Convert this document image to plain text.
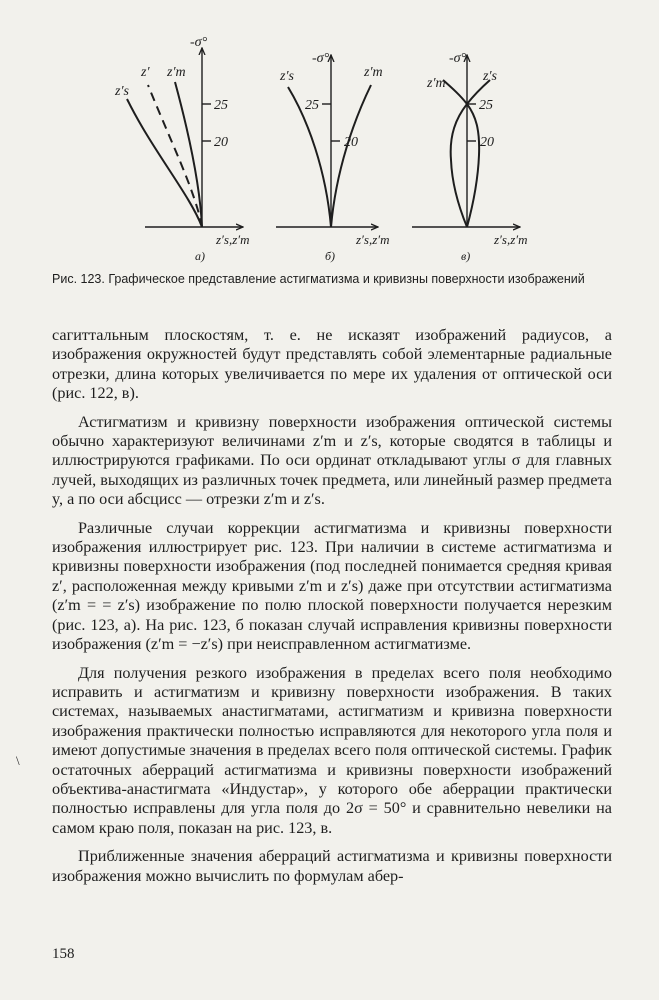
-σ°
25
20
z′s
z′ z′m
z′s,z′m
а)
-σ°
25
20
z′s	z′m
z′s,z′m
б)
-σ°
25
20
z′m	z′s
z′s,z′m
в)

Рис. 123. Графическое представление астигматизма и кривизны поверхности изображений

сагиттальным плоскостям, т. е. не исказят изображений радиусов, а изображения окружностей будут представлять собой элементарные радиальные отрезки, длина которых увеличивается по мере их удаления от оптической оси (рис. 122, в).

Астигматизм и кривизну поверхности изображения оптической системы обычно характеризуют величинами z′m и z′s, которые сводятся в таблицы и иллюстрируются графиками. По оси ординат откладывают углы σ для главных лучей, выходящих из различных точек предмета, или линейный размер предмета y, а по оси абсцисс — отрезки z′m и z′s.

Различные случаи коррекции астигматизма и кривизны поверхности изображения иллюстрирует рис. 123. При наличии в системе астигматизма и кривизны поверхности изображения (под последней понимается средняя кривая z′, расположенная между кривыми z′m и z′s) даже при отсутствии астигматизма (z′m = = z′s) изображение по полю плоской поверхности получается нерезким (рис. 123, а). На рис. 123, б показан случай исправления кривизны поверхности изображения (z′m = −z′s) при неисправленном астигматизме.

Для получения резкого изображения в пределах всего поля необходимо исправить и астигматизм и кривизну поверхности изображения. В таких системах, называемых анастигматами, астигматизм и кривизна поверхности изображения практически полностью исправляются для некоторого угла поля и имеют допустимые значения в пределах всего поля оптической системы. График остаточных аберраций астигматизма и кривизны поверхности изображений объектива-анастигмата «Индустар», у которого обе аберрации практически полностью исправлены для угла поля до 2σ = 50° и сравнительно невелики на самом краю поля, показан на рис. 123, в.

Приближенные значения аберраций астигматизма и кривизны поверхности изображения можно вычислить по формулам абер-

\
158
